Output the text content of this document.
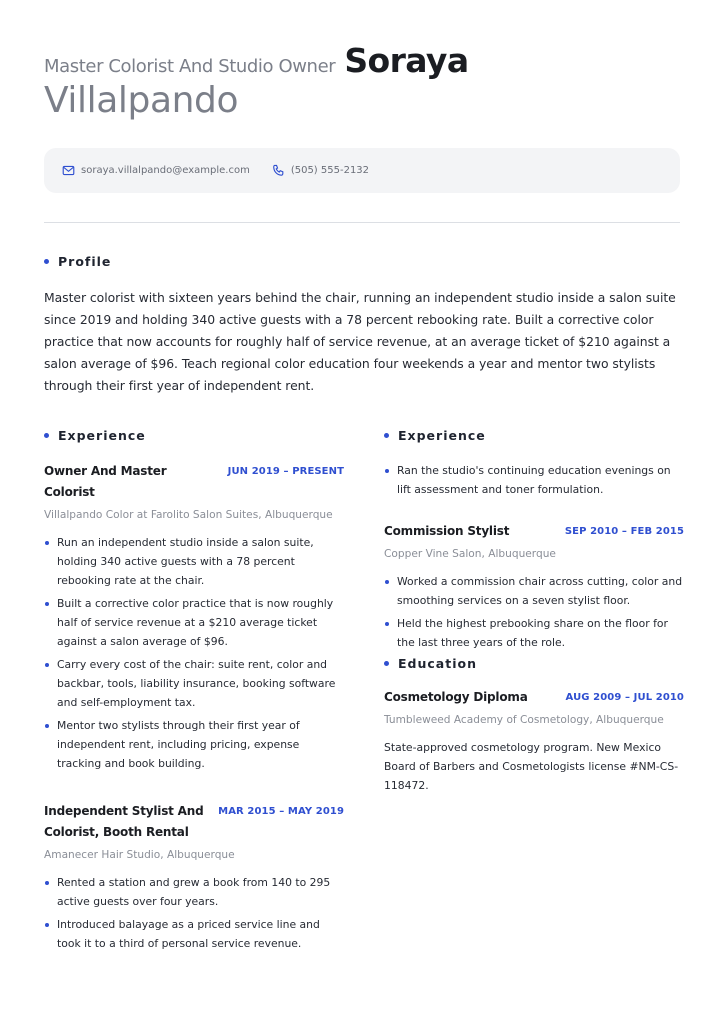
Master Colorist And Studio Owner Soraya
Villalpando
soraya.villalpando@example.com	(505) 555-2132
Profile

Master colorist with sixteen years behind the chair, running an independent studio inside a salon suite since 2019 and holding 340 active guests with a 78 percent rebooking rate. Built a corrective color practice that now accounts for roughly half of service revenue, at an average ticket of $210 against a salon average of $96. Teach regional color education four weekends a year and mentor two stylists through their first year of independent rent.

Experience
Owner And Master Colorist
JUN 2019 – PRESENT
Villalpando Color at Farolito Salon Suites, Albuquerque
Run an independent studio inside a salon suite, holding 340 active guests with a 78 percent rebooking rate at the chair.
Built a corrective color practice that is now roughly half of service revenue at a $210 average ticket against a salon average of $96.
Carry every cost of the chair: suite rent, color and backbar, tools, liability insurance, booking software and self-employment tax.
Mentor two stylists through their first year of independent rent, including pricing, expense tracking and book building.
Independent Stylist And Colorist, Booth Rental
MAR 2015 – MAY 2019
Amanecer Hair Studio, Albuquerque
Rented a station and grew a book from 140 to 295 active guests over four years.
Introduced balayage as a priced service line and took it to a third of personal service revenue.
Experience
Ran the studio's continuing education evenings on lift assessment and toner formulation.
Commission Stylist	SEP 2010 – FEB 2015
Copper Vine Salon, Albuquerque
Worked a commission chair across cutting, color and smoothing services on a seven stylist floor.
Held the highest prebooking share on the floor for the last three years of the role.
Education
Cosmetology Diploma	AUG 2009 – JUL 2010
Tumbleweed Academy of Cosmetology, Albuquerque

State-approved cosmetology program. New Mexico Board of Barbers and Cosmetologists license #NM-CS-118472.
